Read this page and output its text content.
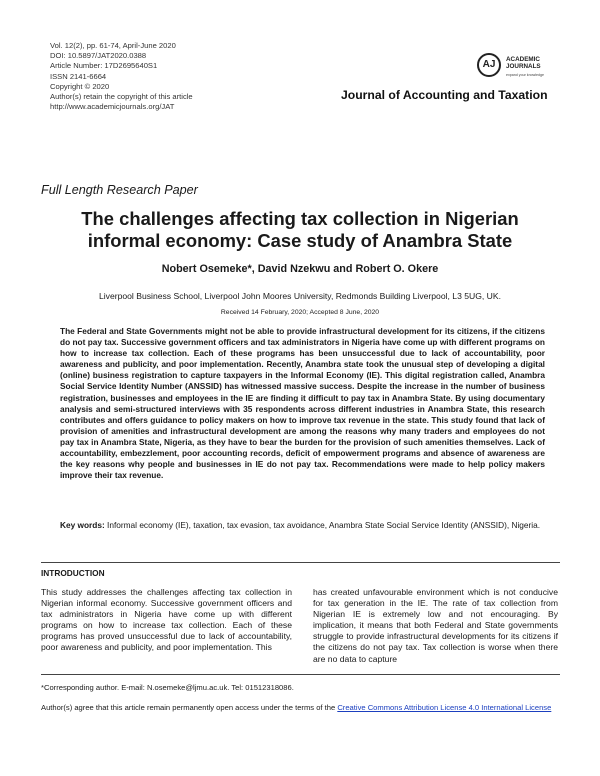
Vol. 12(2), pp. 61-74, April-June 2020
DOI: 10.5897/JAT2020.0388
Article Number: 17D2695640S1
ISSN 2141-6664
Copyright © 2020
Author(s) retain the copyright of this article
http://www.academicjournals.org/JAT
AJ	ACADEMIC
JOURNALS
expand your knowledge
Journal of Accounting and Taxation
Full Length Research Paper
The challenges affecting tax collection in Nigerian
informal economy: Case study of Anambra State
Nobert Osemeke*, David Nzekwu and Robert O. Okere
Liverpool Business School, Liverpool John Moores University, Redmonds Building Liverpool, L3 5UG, UK.
Received 14 February, 2020; Accepted 8 June, 2020
The Federal and State Governments might not be able to provide infrastructural development for its citizens, if the citizens do not pay tax. Successive government officers and tax administrators in Nigeria have come up with different programs on how to increase tax collection. Each of these programs has been unsuccessful due to lack of accountability, poor awareness and publicity, and poor implementation. Recently, Anambra state took the unusual step of developing a digital (online) business registration to capture taxpayers in the Informal Economy (IE). This digital registration called, Anambra Social Service Identity Number (ANSSID) has witnessed massive success. Despite the increase in the number of business registration, businesses and employees in the IE are finding it difficult to pay tax in Anambra State. By using documentary analysis and semi-structured interviews with 35 respondents across different industries in Anambra State, this research contributes and offers guidance to policy makers on how to improve tax revenue in the state. This study found that lack of provision of amenities and infrastructural development are among the reasons why many traders and employees do not pay tax in Anambra State, Nigeria, as they have to bear the burden for the provision of such amenities themselves. Lack of accountability, embezzlement, poor accounting records, deficit of empowerment programs and absence of awareness are the key reasons why people and businesses in IE do not pay tax. Recommendations were made to help policy makers improve their tax revenue.
Key words: Informal economy (IE), taxation, tax evasion, tax avoidance, Anambra State Social Service Identity (ANSSID), Nigeria.
INTRODUCTION
This study addresses the challenges affecting tax collection in Nigerian informal economy. Successive government officers and tax administrators in Nigeria have come up with different programs on how to increase tax collection. Each of these programs has proved unsuccessful due to lack of accountability, poor awareness and publicity, and poor implementation. This
has created unfavourable environment which is not conducive for tax generation in the IE. The rate of tax collection from Nigerian IE is extremely low and not encouraging. By implication, it means that both Federal and State governments struggle to provide infrastructural developments for its citizens if the citizens do not pay tax. Tax collection is worse when there are no data to capture
*Corresponding author. E-mail: N.osemeke@ljmu.ac.uk. Tel: 01512318086.
Author(s) agree that this article remain permanently open access under the terms of the Creative Commons Attribution License 4.0 International License
